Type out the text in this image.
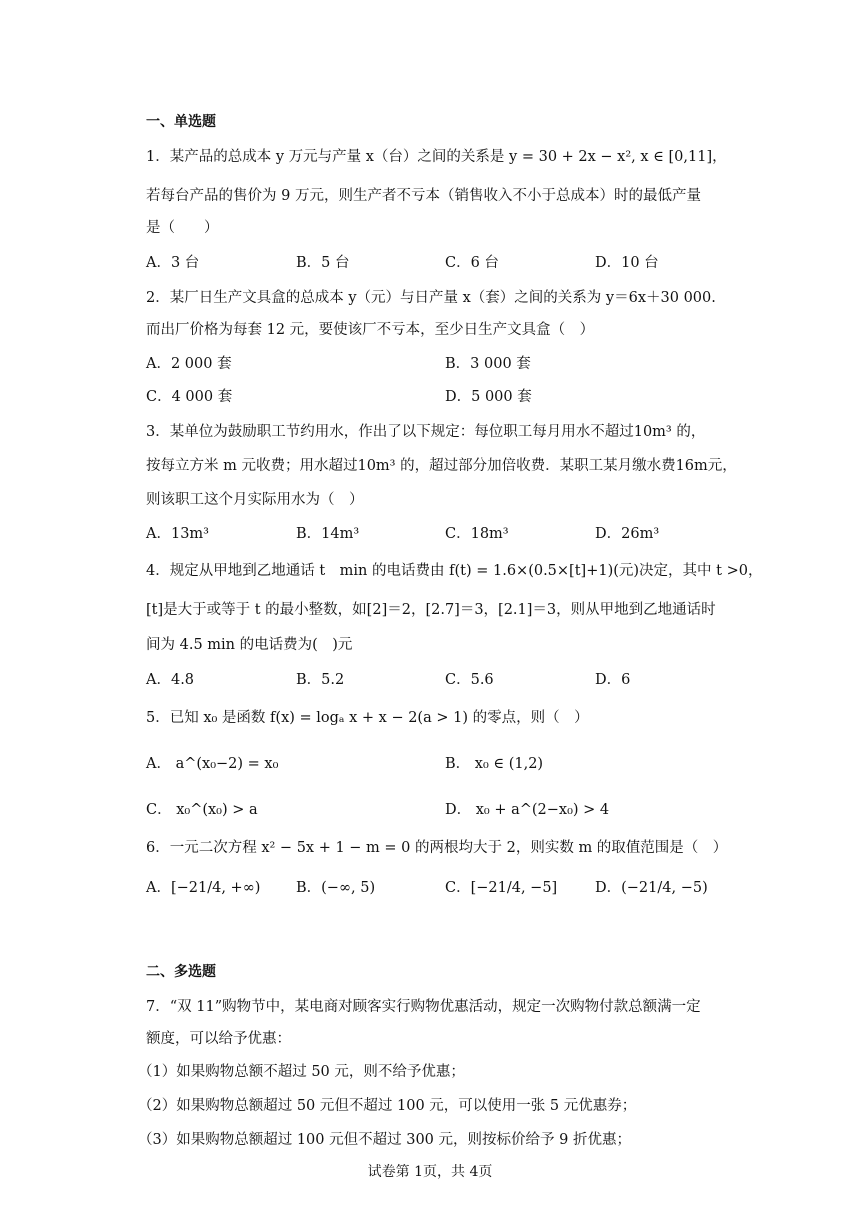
一、单选题
1．某产品的总成本 y 万元与产量 x（台）之间的关系是 y = 30 + 2x − x², x ∈ [0,11]，
若每台产品的售价为 9 万元，则生产者不亏本（销售收入不小于总成本）时的最低产量
是（　　）
A．3 台	B．5 台	C．6 台	D．10 台
2．某厂日生产文具盒的总成本 y（元）与日产量 x（套）之间的关系为 y＝6x＋30 000.
而出厂价格为每套 12 元，要使该厂不亏本，至少日生产文具盒（　）
A．2 000 套	B．3 000 套
C．4 000 套	D．5 000 套
3．某单位为鼓励职工节约用水，作出了以下规定：每位职工每月用水不超过10m³ 的，
按每立方米 m 元收费；用水超过10m³ 的，超过部分加倍收费．某职工某月缴水费16m元，
则该职工这个月实际用水为（　）
A．13m³	B．14m³	C．18m³	D．26m³
4．规定从甲地到乙地通话 t　min 的电话费由 f(t) = 1.6×(0.5×[t]+1)(元)决定，其中 t >0，
[t]是大于或等于 t 的最小整数，如[2]＝2，[2.7]＝3，[2.1]＝3，则从甲地到乙地通话时
间为 4.5 min 的电话费为(　)元
A．4.8	B．5.2	C．5.6	D．6
5．已知 x₀ 是函数 f(x) = logₐ x + x − 2(a > 1) 的零点，则（　）
A． a^(x₀−2) = x₀	B． x₀ ∈ (1,2)
C． x₀^(x₀) > a	D． x₀ + a^(2−x₀) > 4
6．一元二次方程 x² − 5x + 1 − m = 0 的两根均大于 2，则实数 m 的取值范围是（　）
A．[−21/4, +∞) B．(−∞, 5)	C．[−21/4, −5]	D．(−21/4, −5)
二、多选题
7．“双 11”购物节中，某电商对顾客实行购物优惠活动，规定一次购物付款总额满一定
额度，可以给予优惠：
（1）如果购物总额不超过 50 元，则不给予优惠；
（2）如果购物总额超过 50 元但不超过 100 元，可以使用一张 5 元优惠券；
（3）如果购物总额超过 100 元但不超过 300 元，则按标价给予 9 折优惠；
试卷第 1页，共 4页
